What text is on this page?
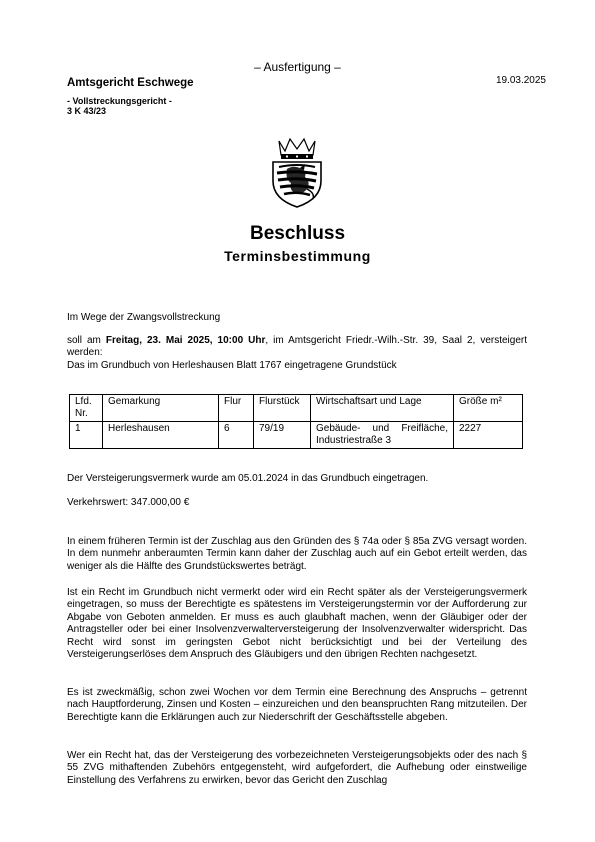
– Ausfertigung –
Amtsgericht Eschwege	19.03.2025
- Vollstreckungsgericht -
3 K 43/23
Beschluss
Terminsbestimmung
Im Wege der Zwangsvollstreckung
soll am Freitag, 23. Mai 2025, 10:00 Uhr, im Amtsgericht Friedr.-Wilh.-Str. 39, Saal 2, versteigert werden:
Das im Grundbuch von Herleshausen Blatt 1767 eingetragene Grundstück
Lfd. Nr.	Gemarkung	Flur	Flurstück	Wirtschaftsart und Lage	Größe m²
1	Herleshausen	6	79/19	Gebäude- und Freifläche, Industriestraße 3	2227
Der Versteigerungsvermerk wurde am 05.01.2024 in das Grundbuch eingetragen.
Verkehrswert: 347.000,00 €
In einem früheren Termin ist der Zuschlag aus den Gründen des § 74a oder § 85a ZVG versagt worden. In dem nunmehr anberaumten Termin kann daher der Zuschlag auch auf ein Gebot erteilt werden, das weniger als die Hälfte des Grundstückswertes beträgt.
Ist ein Recht im Grundbuch nicht vermerkt oder wird ein Recht später als der Versteigerungsvermerk eingetragen, so muss der Berechtigte es spätestens im Versteigerungstermin vor der Aufforderung zur Abgabe von Geboten anmelden. Er muss es auch glaubhaft machen, wenn der Gläubiger oder der Antragsteller oder bei einer Insolvenzverwalterversteigerung der Insolvenzverwalter widerspricht. Das Recht wird sonst im geringsten Gebot nicht berücksichtigt und bei der Verteilung des Versteigerungserlöses dem Anspruch des Gläubigers und den übrigen Rechten nachgesetzt.
Es ist zweckmäßig, schon zwei Wochen vor dem Termin eine Berechnung des Anspruchs – getrennt nach Hauptforderung, Zinsen und Kosten – einzureichen und den beanspruchten Rang mitzuteilen. Der Berechtigte kann die Erklärungen auch zur Niederschrift der Geschäftsstelle abgeben.
Wer ein Recht hat, das der Versteigerung des vorbezeichneten Versteigerungsobjekts oder des nach § 55 ZVG mithaftenden Zubehörs entgegensteht, wird aufgefordert, die Aufhebung oder einstweilige Einstellung des Verfahrens zu erwirken, bevor das Gericht den Zuschlag
